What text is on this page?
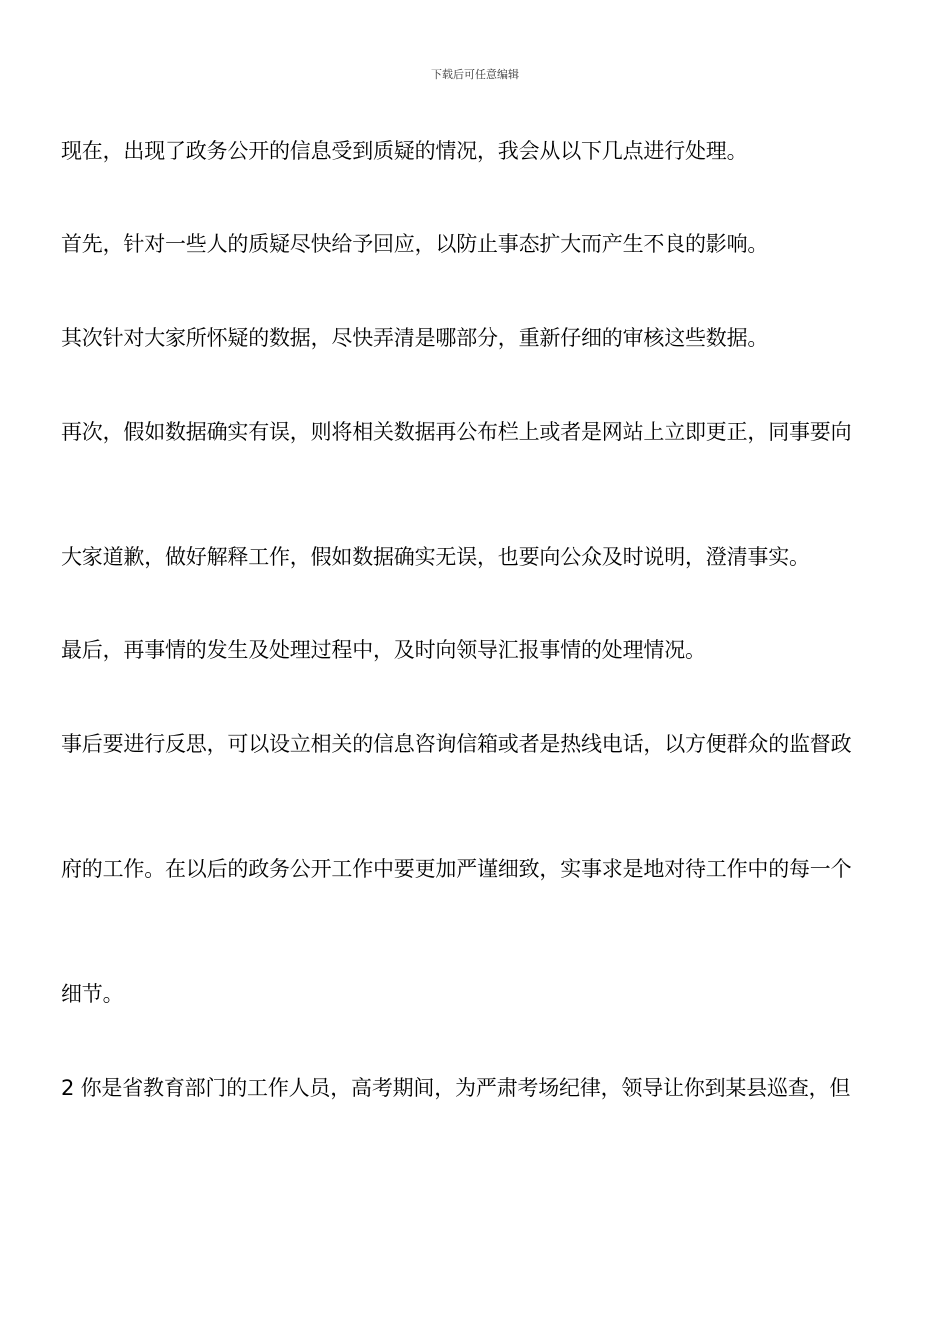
下载后可任意编辑
现在，出现了政务公开的信息受到质疑的情况，我会从以下几点进行处理。
首先，针对一些人的质疑尽快给予回应，以防止事态扩大而产生不良的影响。
其次针对大家所怀疑的数据，尽快弄清是哪部分，重新仔细的审核这些数据。
再次，假如数据确实有误，则将相关数据再公布栏上或者是网站上立即更正，同事要向
大家道歉，做好解释工作，假如数据确实无误，也要向公众及时说明，澄清事实。
最后，再事情的发生及处理过程中，及时向领导汇报事情的处理情况。
事后要进行反思，可以设立相关的信息咨询信箱或者是热线电话，以方便群众的监督政
府的工作。在以后的政务公开工作中要更加严谨细致，实事求是地对待工作中的每一个
细节。
2 你是省教育部门的工作人员，高考期间，为严肃考场纪律，领导让你到某县巡查，但
